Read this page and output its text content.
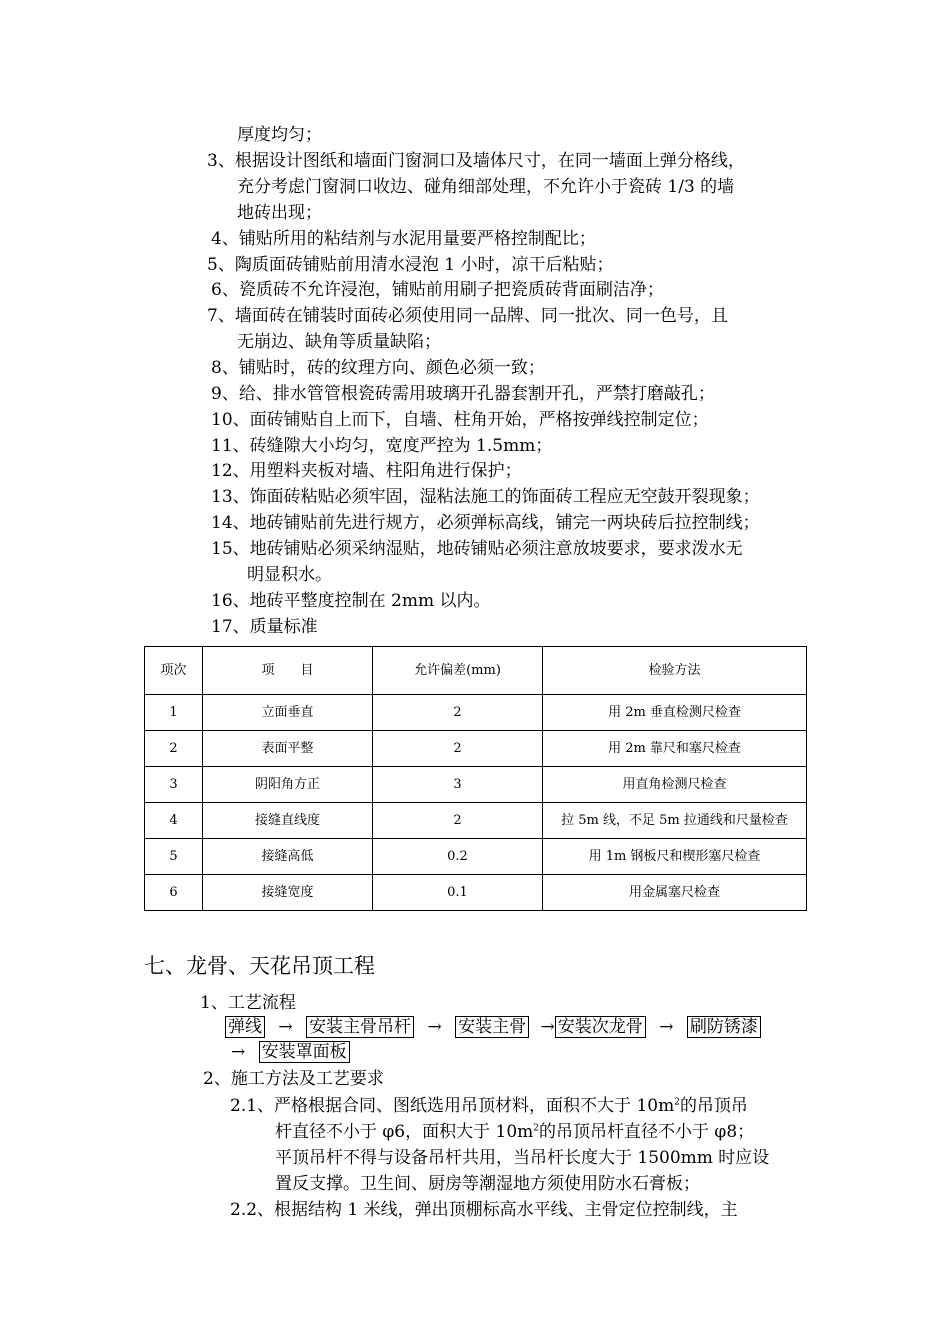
厚度均匀；
3、根据设计图纸和墙面门窗洞口及墙体尺寸，在同一墙面上弹分格线，
充分考虑门窗洞口收边、碰角细部处理，不允许小于瓷砖 1/3 的墙
地砖出现；
4、铺贴所用的粘结剂与水泥用量要严格控制配比；
5、陶质面砖铺贴前用清水浸泡 1 小时，凉干后粘贴；
6、瓷质砖不允许浸泡，铺贴前用刷子把瓷质砖背面刷洁净；
7、墙面砖在铺装时面砖必须使用同一品牌、同一批次、同一色号，且
无崩边、缺角等质量缺陷；
8、铺贴时，砖的纹理方向、颜色必须一致；
9、给、排水管管根瓷砖需用玻璃开孔器套割开孔，严禁打磨敲孔；
10、面砖铺贴自上而下，自墙、柱角开始，严格按弹线控制定位；
11、砖缝隙大小均匀，宽度严控为 1.5mm；
12、用塑料夹板对墙、柱阳角进行保护；
13、饰面砖粘贴必须牢固，湿粘法施工的饰面砖工程应无空鼓开裂现象；
14、地砖铺贴前先进行规方，必须弹标高线，铺完一两块砖后拉控制线；
15、地砖铺贴必须采纳湿贴，地砖铺贴必须注意放坡要求，要求泼水无
明显积水。
16、地砖平整度控制在 2mm 以内。
17、质量标准
项次	项　　目	允许偏差(mm)	检验方法
1	立面垂直	2	用 2m 垂直检测尺检查
2	表面平整	2	用 2m 靠尺和塞尺检查
3	阴阳角方正	3	用直角检测尺检查
4	接缝直线度	2	拉 5m 线，不足 5m 拉通线和尺量检查
5	接缝高低	0.2	用 1m 钢板尺和楔形塞尺检查
6	接缝宽度	0.1	用金属塞尺检查
七、龙骨、天花吊顶工程
1、工艺流程
弹线 → 安装主骨吊杆 → 安装主骨 → 安装次龙骨 → 刷防锈漆
→ 安装罩面板
2、施工方法及工艺要求
2.1、严格根据合同、图纸选用吊顶材料，面积不大于 $10m^2$的吊顶吊
杆直径不小于 φ6，面积大于 $10m^2$的吊顶吊杆直径不小于 φ8；
平顶吊杆不得与设备吊杆共用，当吊杆长度大于 1500mm 时应设
置反支撑。卫生间、厨房等潮湿地方须使用防水石膏板；
2.2、根据结构 1 米线，弹出顶棚标高水平线、主骨定位控制线，主
